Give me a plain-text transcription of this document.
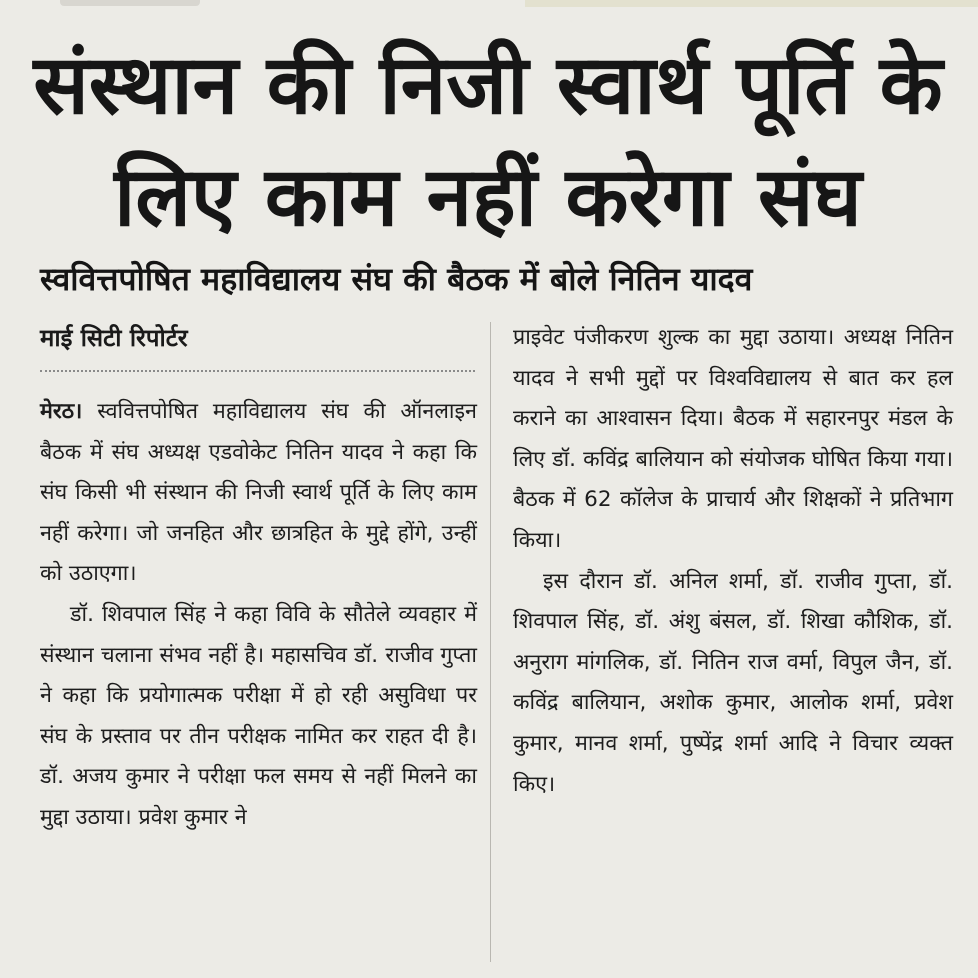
संस्थान की निजी स्वार्थ पूर्ति के लिए काम नहीं करेगा संघ
स्ववित्तपोषित महाविद्यालय संघ की बैठक में बोले नितिन यादव
माई सिटी रिपोर्टर

मेरठ। स्ववित्तपोषित महाविद्यालय संघ की ऑनलाइन बैठक में संघ अध्यक्ष एडवोकेट नितिन यादव ने कहा कि संघ किसी भी संस्थान की निजी स्वार्थ पूर्ति के लिए काम नहीं करेगा। जो जनहित और छात्रहित के मुद्दे होंगे, उन्हीं को उठाएगा।

डॉ. शिवपाल सिंह ने कहा विवि के सौतेले व्यवहार में संस्थान चलाना संभव नहीं है। महासचिव डॉ. राजीव गुप्ता ने कहा कि प्रयोगात्मक परीक्षा में हो रही असुविधा पर संघ के प्रस्ताव पर तीन परीक्षक नामित कर राहत दी है। डॉ. अजय कुमार ने परीक्षा फल समय से नहीं मिलने का मुद्दा उठाया। प्रवेश कुमार ने

प्राइवेट पंजीकरण शुल्क का मुद्दा उठाया। अध्यक्ष नितिन यादव ने सभी मुद्दों पर विश्वविद्यालय से बात कर हल कराने का आश्वासन दिया। बैठक में सहारनपुर मंडल के लिए डॉ. कविंद्र बालियान को संयोजक घोषित किया गया। बैठक में 62 कॉलेज के प्राचार्य और शिक्षकों ने प्रतिभाग किया।

इस दौरान डॉ. अनिल शर्मा, डॉ. राजीव गुप्ता, डॉ. शिवपाल सिंह, डॉ. अंशु बंसल, डॉ. शिखा कौशिक, डॉ. अनुराग मांगलिक, डॉ. नितिन राज वर्मा, विपुल जैन, डॉ. कविंद्र बालियान, अशोक कुमार, आलोक शर्मा, प्रवेश कुमार, मानव शर्मा, पुष्पेंद्र शर्मा आदि ने विचार व्यक्त किए।
